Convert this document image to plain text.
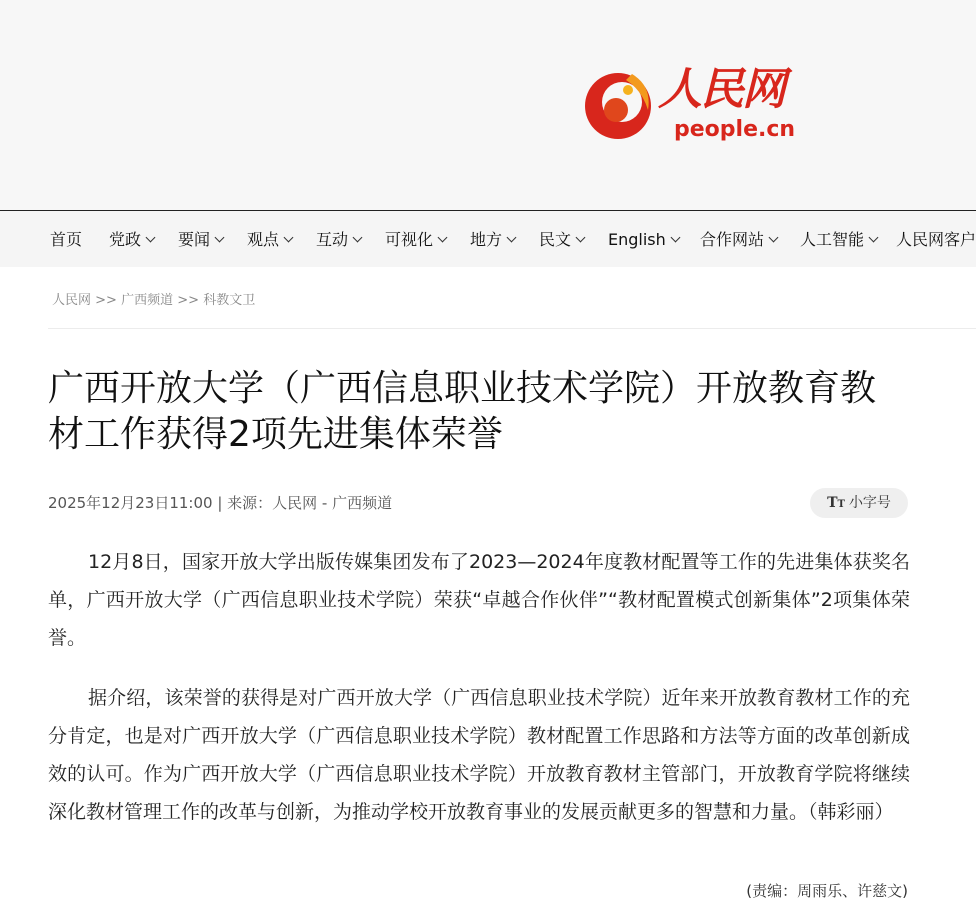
人民网
people.cn
首页 党政	要闻	观点	互动	可视化	地方	民文	English	合作网站	人工智能	人民网客户
人民网 >> 广西频道 >> 科教文卫
广西开放大学（广西信息职业技术学院）开放教育教材工作获得2项先进集体荣誉
2025年12月23日11:00 | 来源：人民网 - 广西频道	TT 小字号

12月8日，国家开放大学出版传媒集团发布了2023—2024年度教材配置等工作的先进集体获奖名单，广西开放大学（广西信息职业技术学院）荣获“卓越合作伙伴”“教材配置模式创新集体”2项集体荣誉。

据介绍，该荣誉的获得是对广西开放大学（广西信息职业技术学院）近年来开放教育教材工作的充分肯定，也是对广西开放大学（广西信息职业技术学院）教材配置工作思路和方法等方面的改革创新成效的认可。作为广西开放大学（广西信息职业技术学院）开放教育教材主管部门，开放教育学院将继续深化教材管理工作的改革与创新，为推动学校开放教育事业的发展贡献更多的智慧和力量。（韩彩丽）

(责编：周雨乐、许慈文)
